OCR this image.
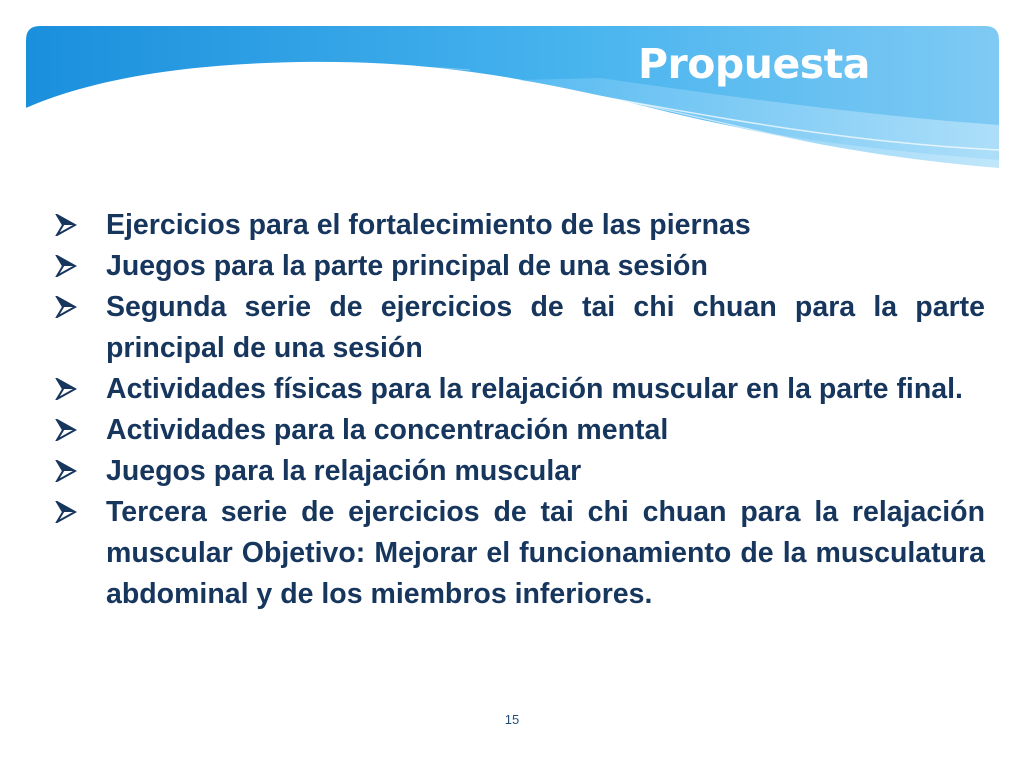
Propuesta
Ejercicios para el fortalecimiento de las piernas
Juegos para la parte principal de una sesión
Segunda serie de ejercicios de tai chi chuan para la parte principal de una sesión
Actividades físicas para la relajación muscular en la parte final.
Actividades para la concentración mental
Juegos para la relajación muscular
Tercera serie de ejercicios de tai chi chuan para la relajación muscular Objetivo: Mejorar el funcionamiento de la musculatura abdominal y de los miembros inferiores.
15
